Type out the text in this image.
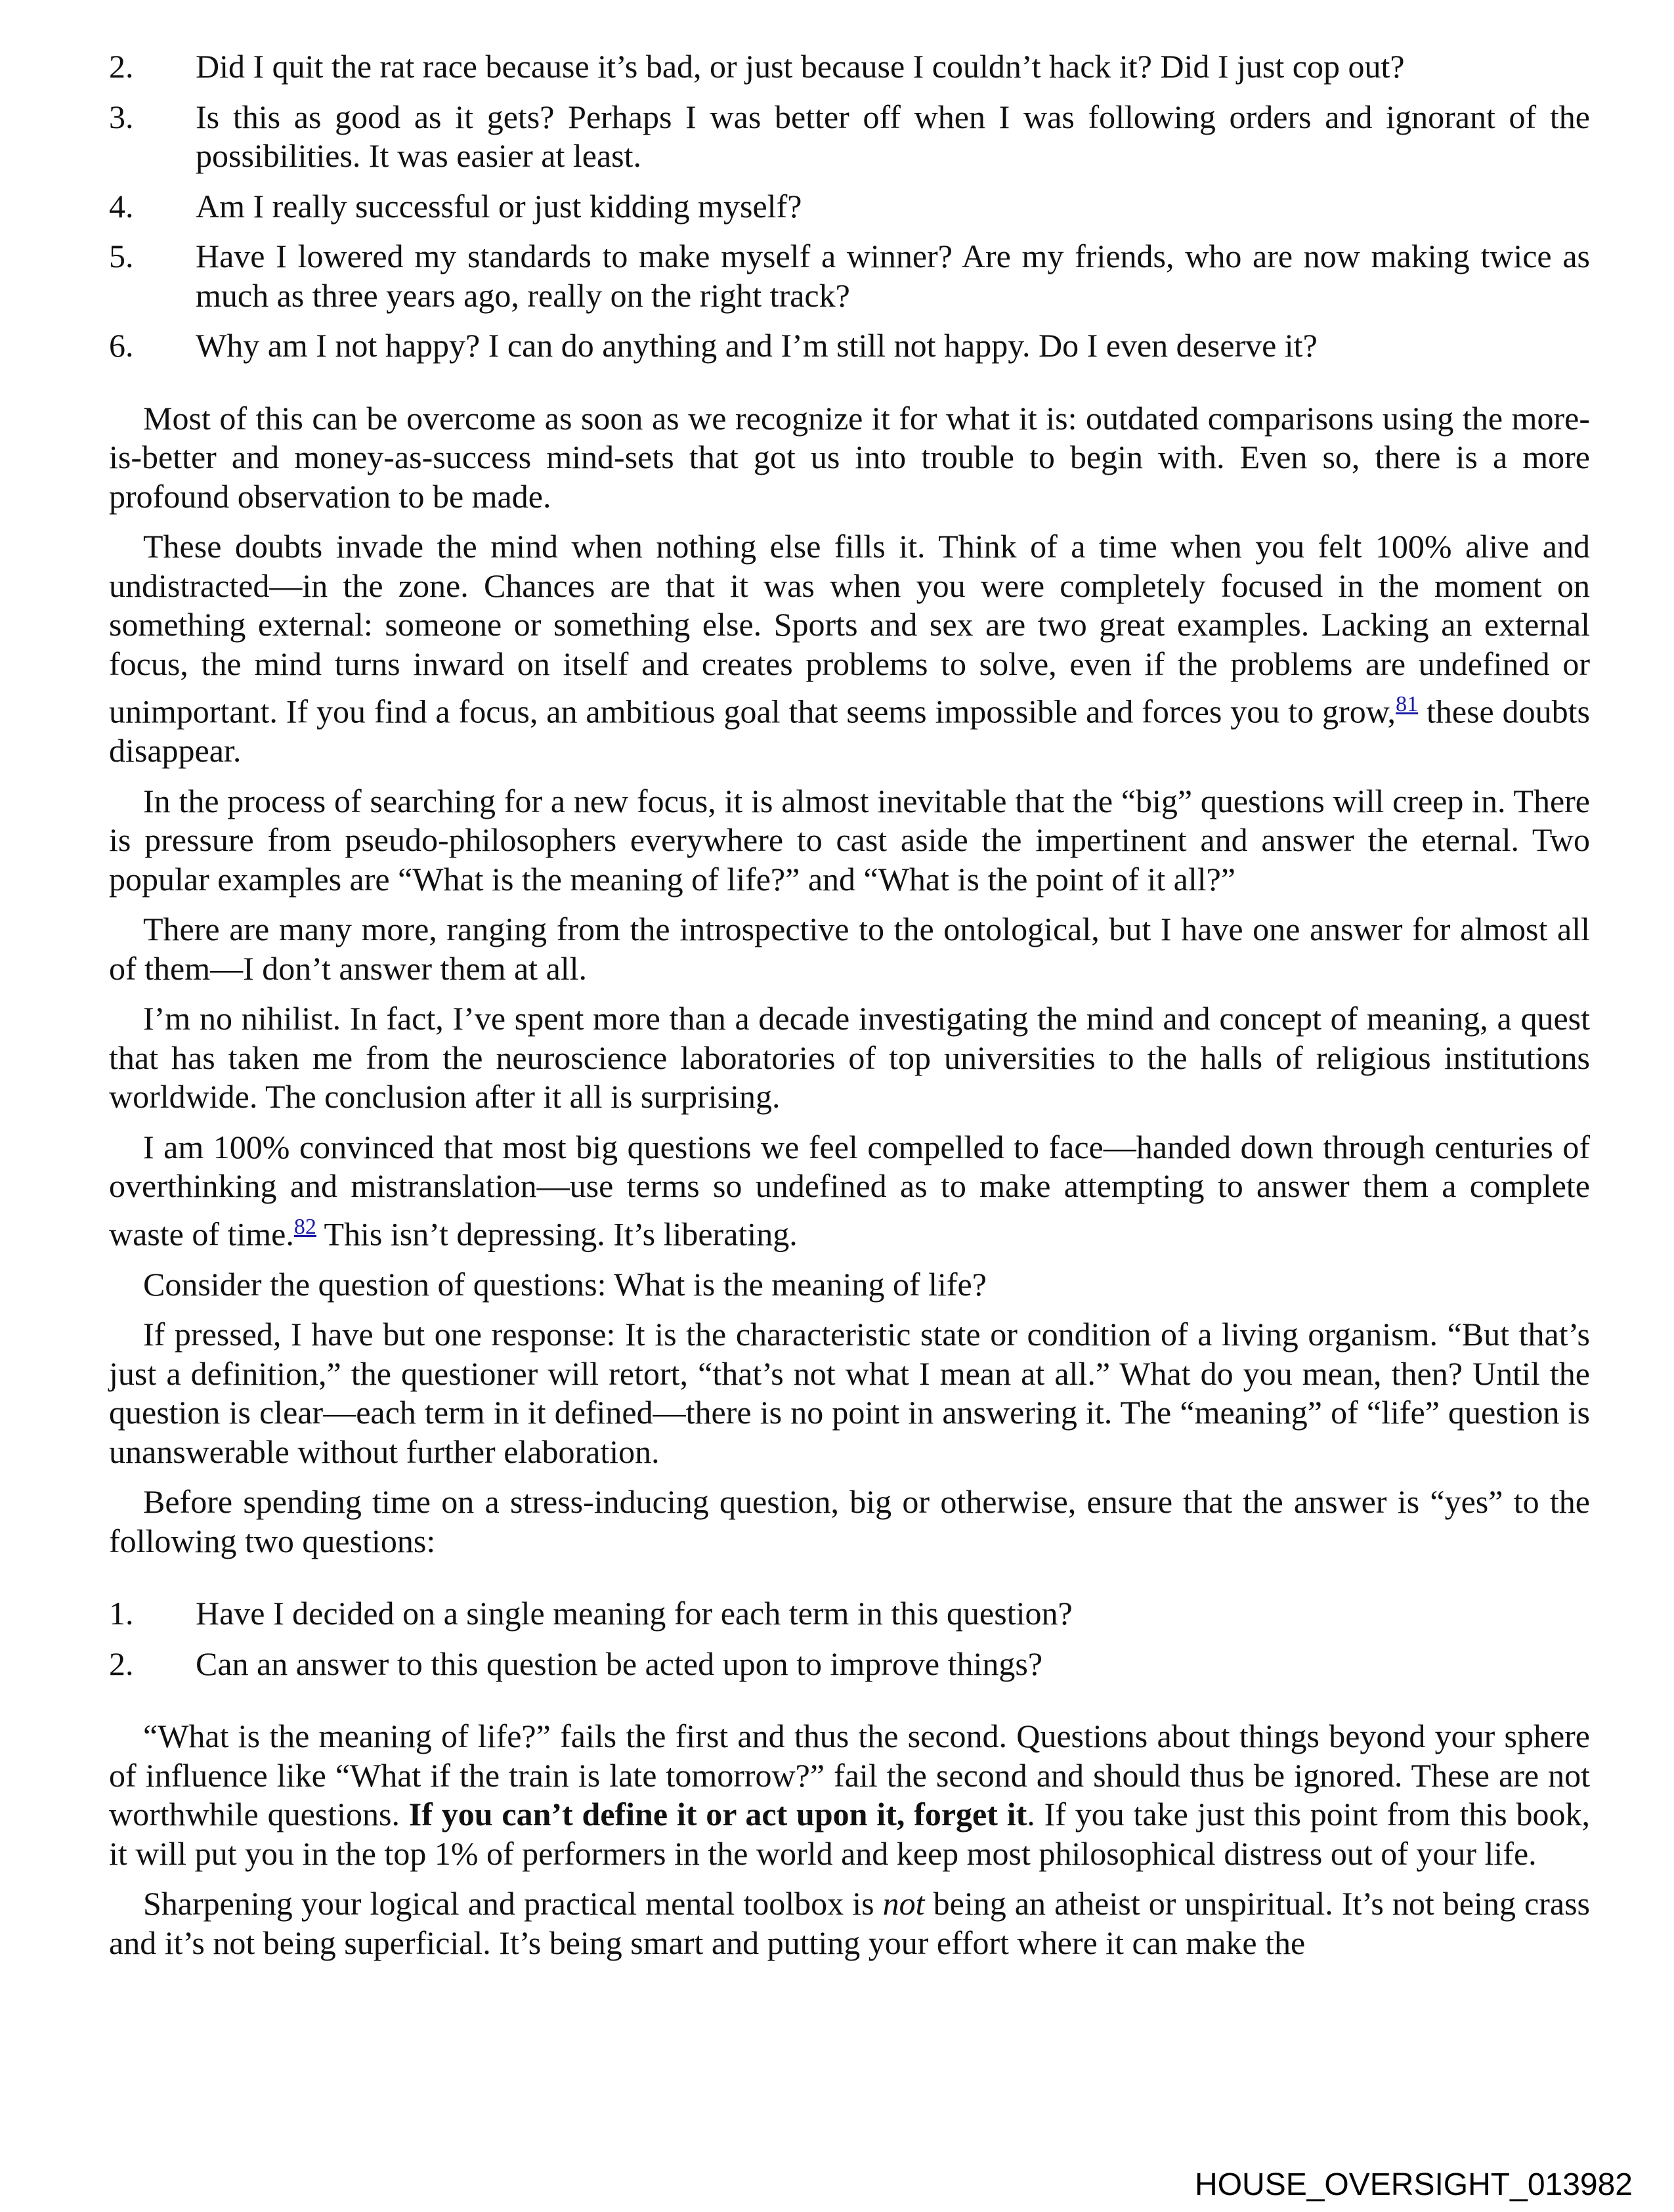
2.	Did I quit the rat race because it’s bad, or just because I couldn’t hack it? Did I just cop out?
3.	Is this as good as it gets? Perhaps I was better off when I was following orders and ignorant of the possibilities. It was easier at least.
4.	Am I really successful or just kidding myself?
5.	Have I lowered my standards to make myself a winner? Are my friends, who are now making twice as much as three years ago, really on the right track?
6.	Why am I not happy? I can do anything and I’m still not happy. Do I even deserve it?

Most of this can be overcome as soon as we recognize it for what it is: outdated comparisons using the more-is-better and money-as-success mind-sets that got us into trouble to begin with. Even so, there is a more profound observation to be made.

These doubts invade the mind when nothing else fills it. Think of a time when you felt 100% alive and undistracted—in the zone. Chances are that it was when you were completely focused in the moment on something external: someone or something else. Sports and sex are two great examples. Lacking an external focus, the mind turns inward on itself and creates problems to solve, even if the problems are undefined or unimportant. If you find a focus, an ambitious goal that seems impossible and forces you to grow,$^{81}$ these doubts disappear.

In the process of searching for a new focus, it is almost inevitable that the “big” questions will creep in. There is pressure from pseudo-philosophers everywhere to cast aside the impertinent and answer the eternal. Two popular examples are “What is the meaning of life?” and “What is the point of it all?”

There are many more, ranging from the introspective to the ontological, but I have one answer for almost all of them—I don’t answer them at all.

I’m no nihilist. In fact, I’ve spent more than a decade investigating the mind and concept of meaning, a quest that has taken me from the neuroscience laboratories of top universities to the halls of religious institutions worldwide. The conclusion after it all is surprising.

I am 100% convinced that most big questions we feel compelled to face—handed down through centuries of overthinking and mistranslation—use terms so undefined as to make attempting to answer them a complete waste of time.$^{82}$ This isn’t depressing. It’s liberating.

Consider the question of questions: What is the meaning of life?

If pressed, I have but one response: It is the characteristic state or condition of a living organism. “But that’s just a definition,” the questioner will retort, “that’s not what I mean at all.” What do you mean, then? Until the question is clear—each term in it defined—there is no point in answering it. The “meaning” of “life” question is unanswerable without further elaboration.

Before spending time on a stress-inducing question, big or otherwise, ensure that the answer is “yes” to the following two questions:

1.	Have I decided on a single meaning for each term in this question?
2.	Can an answer to this question be acted upon to improve things?

“What is the meaning of life?” fails the first and thus the second. Questions about things beyond your sphere of influence like “What if the train is late tomorrow?” fail the second and should thus be ignored. These are not worthwhile questions. If you can’t define it or act upon it, forget it. If you take just this point from this book, it will put you in the top 1% of performers in the world and keep most philosophical distress out of your life.

Sharpening your logical and practical mental toolbox is not being an atheist or unspiritual. It’s not being crass and it’s not being superficial. It’s being smart and putting your effort where it can make the

HOUSE_OVERSIGHT_013982
